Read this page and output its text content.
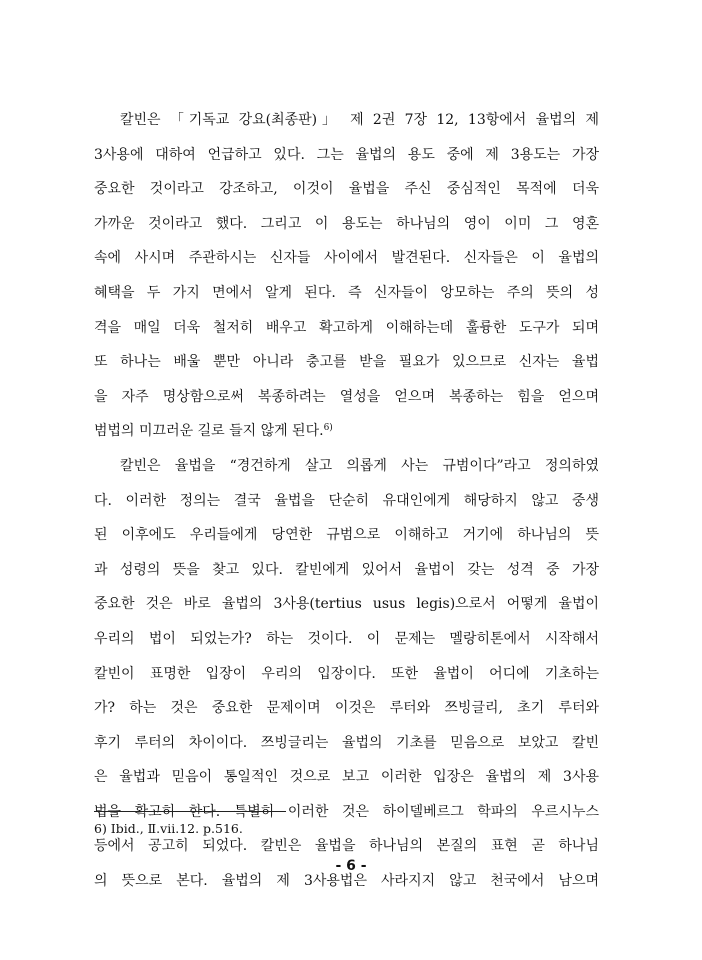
칼빈은 「기독교 강요(최종판)」 제 2권 7장 12, 13항에서 율법의 제
3사용에 대하여 언급하고 있다. 그는 율법의 용도 중에 제 3용도는 가장
중요한 것이라고 강조하고, 이것이 율법을 주신 중심적인 목적에 더욱
가까운 것이라고 했다. 그리고 이 용도는 하나님의 영이 이미 그 영혼
속에 사시며 주관하시는 신자들 사이에서 발견된다. 신자들은 이 율법의
혜택을 두 가지 면에서 알게 된다. 즉 신자들이 앙모하는 주의 뜻의 성
격을 매일 더욱 철저히 배우고 확고하게 이해하는데 훌륭한 도구가 되며
또 하나는 배울 뿐만 아니라 충고를 받을 필요가 있으므로 신자는 율법
을 자주 명상함으로써 복종하려는 열성을 얻으며 복종하는 힘을 얻으며
범법의 미끄러운 길로 들지 않게 된다.$^{6)}$
칼빈은 율법을 “경건하게 살고 의롭게 사는 규범이다”라고 정의하였
다. 이러한 정의는 결국 율법을 단순히 유대인에게 해당하지 않고 중생
된 이후에도 우리들에게 당연한 규범으로 이해하고 거기에 하나님의 뜻
과 성령의 뜻을 찾고 있다. 칼빈에게 있어서 율법이 갖는 성격 중 가장
중요한 것은 바로 율법의 3사용(tertius usus legis)으로서 어떻게 율법이
우리의 법이 되었는가? 하는 것이다. 이 문제는 멜랑히톤에서 시작해서
칼빈이 표명한 입장이 우리의 입장이다. 또한 율법이 어디에 기초하는
가? 하는 것은 중요한 문제이며 이것은 루터와 쯔빙글리, 초기 루터와
후기 루터의 차이이다. 쯔빙글리는 율법의 기초를 믿음으로 보았고 칼빈
은 율법과 믿음이 통일적인 것으로 보고 이러한 입장은 율법의 제 3사용
법을 확고히 한다. 특별히 이러한 것은 하이델베르그 학파의 우르시누스
등에서 공고히 되었다. 칼빈은 율법을 하나님의 본질의 표현 곧 하나님
의 뜻으로 본다. 율법의 제 3사용법은 사라지지 않고 천국에서 남으며
6) Ibid., Ⅱ.vii.12. p.516.
- 6 -
